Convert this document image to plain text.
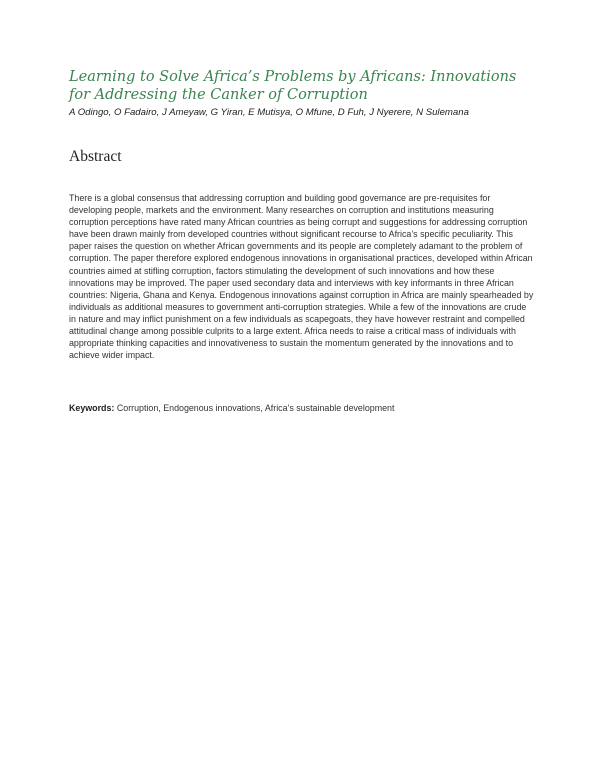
Learning to Solve Africa’s Problems by Africans: Innovations for Addressing the Canker of Corruption

A Odingo, O Fadairo, J Ameyaw, G Yiran, E Mutisya, O Mfune, D Fuh, J Nyerere, N Sulemana

Abstract

There is a global consensus that addressing corruption and building good governance are pre-requisites for developing people, markets and the environment. Many researches on corruption and institutions measuring corruption perceptions have rated many African countries as being corrupt and suggestions for addressing corruption have been drawn mainly from developed countries without significant recourse to Africa’s specific peculiarity. This paper raises the question on whether African governments and its people are completely adamant to the problem of corruption. The paper therefore explored endogenous innovations in organisational practices, developed within African countries aimed at stifling corruption, factors stimulating the development of such innovations and how these innovations may be improved. The paper used secondary data and interviews with key informants in three African countries: Nigeria, Ghana and Kenya. Endogenous innovations against corruption in Africa are mainly spearheaded by individuals as additional measures to government anti-corruption strategies. While a few of the innovations are crude in nature and may inflict punishment on a few individuals as scapegoats, they have however restraint and compelled attitudinal change among possible culprits to a large extent. Africa needs to raise a critical mass of individuals with appropriate thinking capacities and innovativeness to sustain the momentum generated by the innovations and to achieve wider impact.

Keywords: Corruption, Endogenous innovations, Africa’s sustainable development
